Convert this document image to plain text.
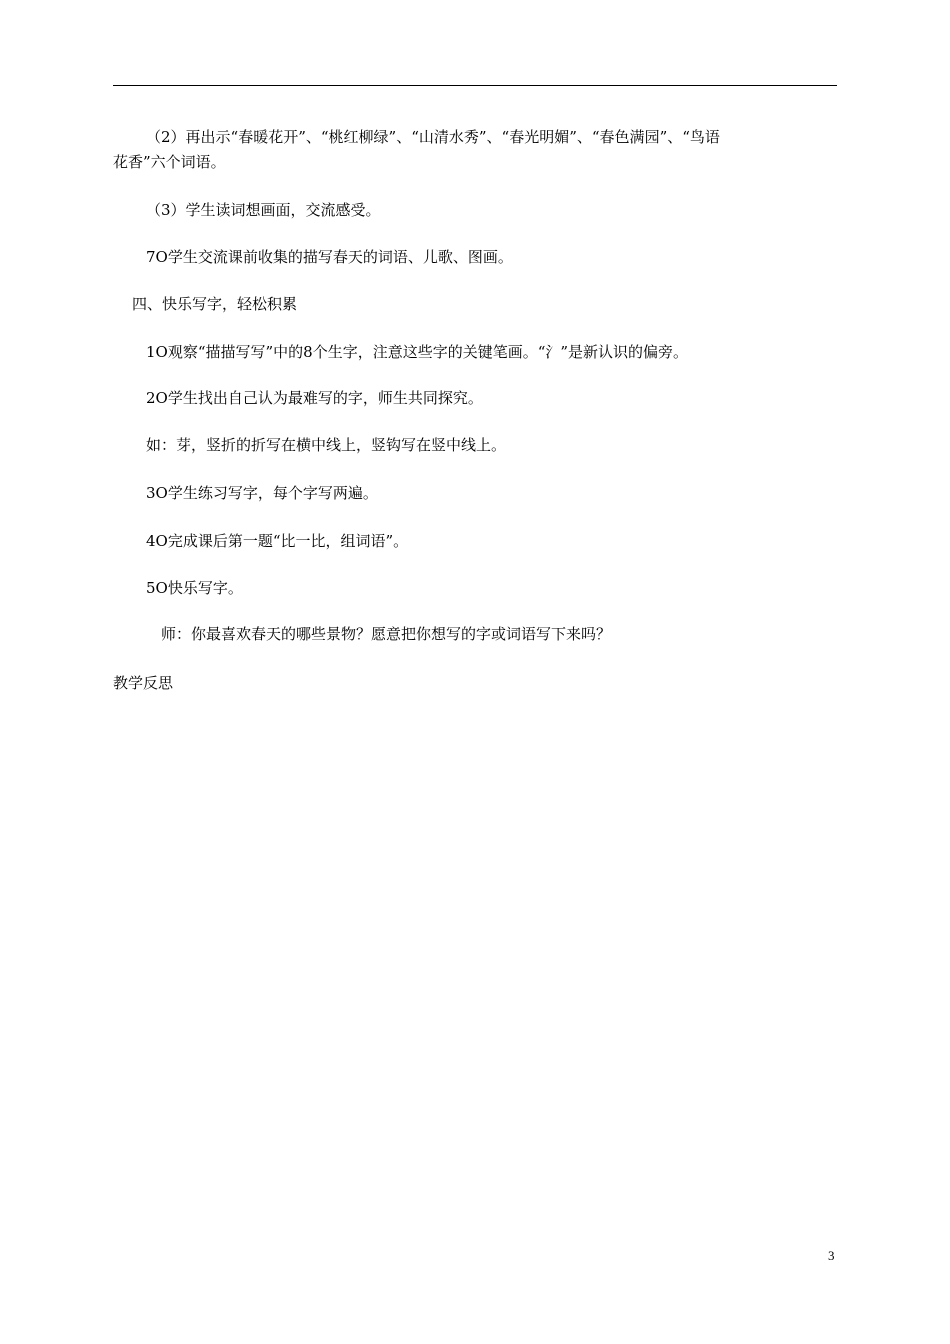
（2）再出示“春暖花开”、“桃红柳绿”、“山清水秀”、“春光明媚”、“春色满园”、“鸟语
花香”六个词语。
（3）学生读词想画面，交流感受。
7O学生交流课前收集的描写春天的词语、儿歌、图画。
四、快乐写字，轻松积累
1O观察“描描写写”中的8个生字，注意这些字的关键笔画。“⺡”是新认识的偏旁。
2O学生找出自己认为最难写的字，师生共同探究。
如：芽，竖折的折写在横中线上，竖钩写在竖中线上。
3O学生练习写字，每个字写两遍。
4O完成课后第一题“比一比，组词语”。
5O快乐写字。
师：你最喜欢春天的哪些景物？愿意把你想写的字或词语写下来吗？
教学反思
3
